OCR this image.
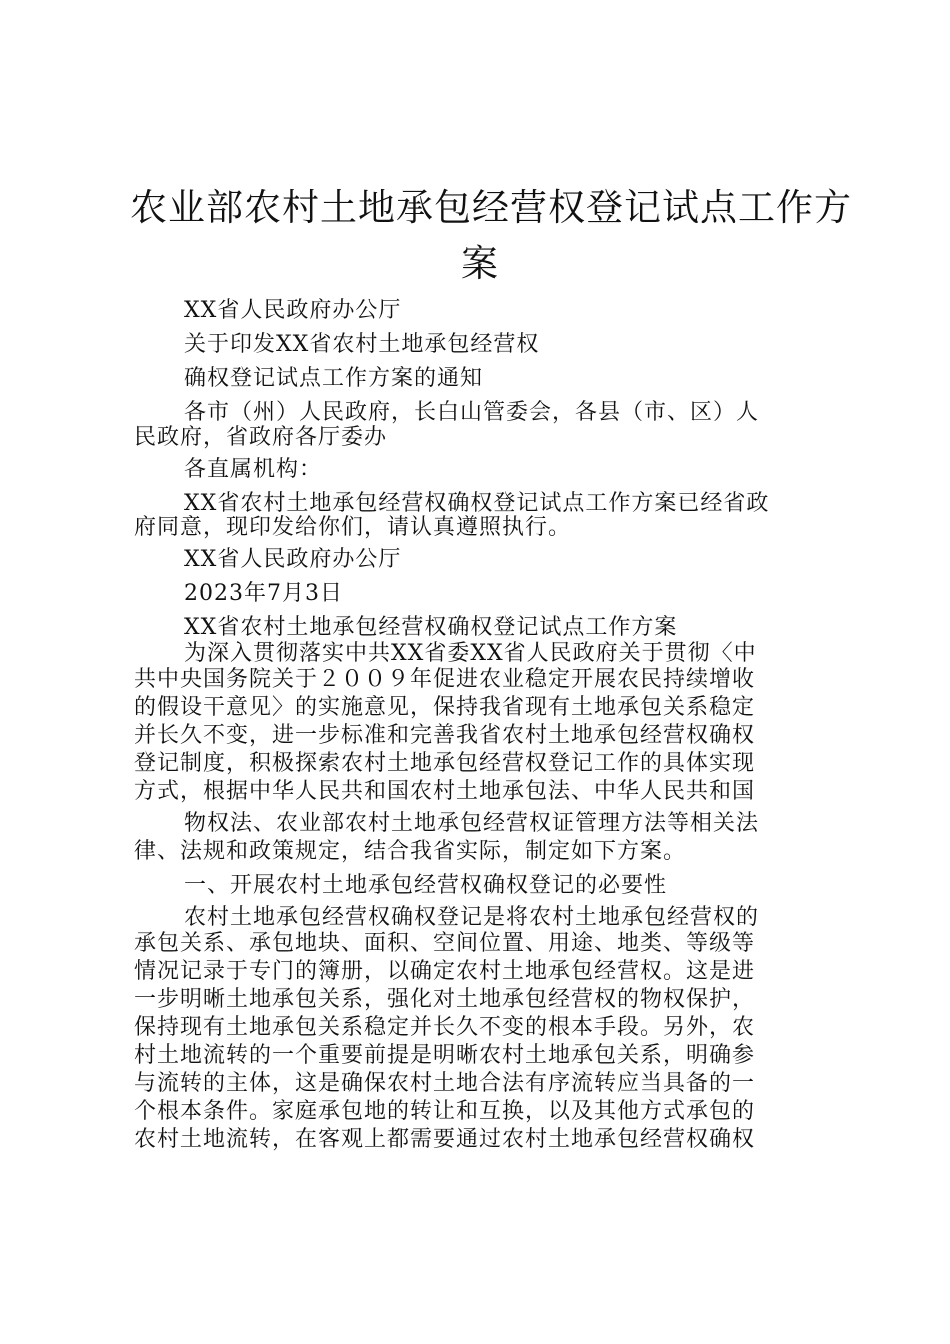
农业部农村土地承包经营权登记试点工作方
案
XX省人民政府办公厅
关于印发XX省农村土地承包经营权
确权登记试点工作方案的通知
各市（州）人民政府，长白山管委会，各县（市、区）人
民政府，省政府各厅委办
各直属机构：
XX省农村土地承包经营权确权登记试点工作方案已经省政
府同意，现印发给你们，请认真遵照执行。
XX省人民政府办公厅
2023年7月3日
XX省农村土地承包经营权确权登记试点工作方案
为深入贯彻落实中共XX省委XX省人民政府关于贯彻〈中
共中央国务院关于２００９年促进农业稳定开展农民持续增收
的假设干意见〉的实施意见，保持我省现有土地承包关系稳定
并长久不变，进一步标准和完善我省农村土地承包经营权确权
登记制度，积极探索农村土地承包经营权登记工作的具体实现
方式，根据中华人民共和国农村土地承包法、中华人民共和国
物权法、农业部农村土地承包经营权证管理方法等相关法
律、法规和政策规定，结合我省实际，制定如下方案。
一、开展农村土地承包经营权确权登记的必要性
农村土地承包经营权确权登记是将农村土地承包经营权的
承包关系、承包地块、面积、空间位置、用途、地类、等级等
情况记录于专门的簿册，以确定农村土地承包经营权。这是进
一步明晰土地承包关系，强化对土地承包经营权的物权保护，
保持现有土地承包关系稳定并长久不变的根本手段。另外，农
村土地流转的一个重要前提是明晰农村土地承包关系，明确参
与流转的主体，这是确保农村土地合法有序流转应当具备的一
个根本条件。家庭承包地的转让和互换，以及其他方式承包的
农村土地流转，在客观上都需要通过农村土地承包经营权确权
